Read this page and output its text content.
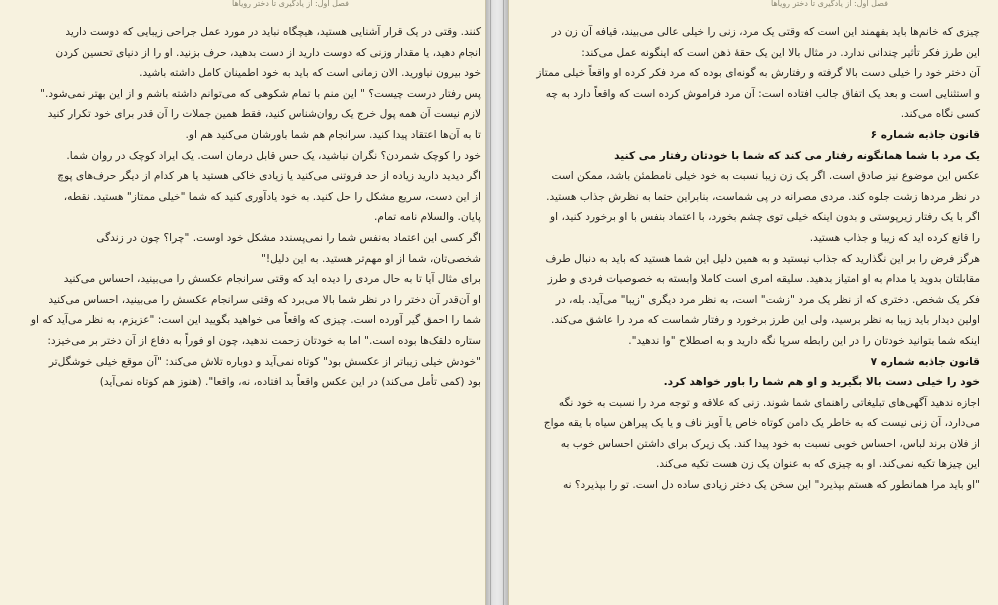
فصل اول: از یادگیری تا دختر رویاها
کنند. وقتی در یک قرار آشنایی هستید، هیچگاه نباید در مورد عمل جراحی زیبایی که دوست دارید
انجام دهید، یا مقدار وزنی که دوست دارید از دست بدهید، حرف بزنید. او را از دنیای تحسین کردن
خود بیرون نیاورید. الان زمانی است که باید به خود اطمینان کامل داشته باشید.
پس رفتار درست چیست؟ " این منم با تمام شکوهی که می‌توانم داشته باشم و از این بهتر نمی‌شود."
لازم نیست آن همه پول خرج یک روان‌شناس کنید، فقط همین جملات را آن قدر برای خود تکرار کنید
تا به آن‌ها اعتقاد پیدا کنید. سرانجام هم شما باورشان می‌کنید هم او.
خود را کوچک شمردن؟ نگران نباشید، یک حس قابل درمان است. یک ایراد کوچک در روان شما.
اگر دیدید دارید زیاده از حد فروتنی می‌کنید یا زیادی خاکی هستید یا هر کدام از دیگر حرف‌های پوچ
از این دست، سریع مشکل را حل کنید. به خود یادآوری کنید که شما "خیلی ممتاز" هستید. نقطه،
پایان. والسلام نامه تمام.
اگر کسی این اعتماد به‌نفس شما را نمی‌پسندد مشکل خود اوست. "چرا؟ چون در زندگی
شخصی‌تان، شما از او مهم‌تر هستید. به این دلیل!"
برای مثال آیا تا به حال مردی را دیده اید که وقتی سرانجام عکسش را می‌بینید، احساس می‌کنید
او آن‌قدر آن دختر را در نظر شما بالا می‌برد که وقتی سرانجام عکسش را می‌بینید، احساس می‌کنید
شما را احمق گیر آورده است. چیزی که واقعاً می خواهید بگویید این است: "عزیزم، به نظر می‌آید که او
ستاره دلقک‌ها بوده است." اما به خودتان زحمت ندهید، چون او فوراً به دفاع از آن دختر بر می‌خیزد:
"خودش خیلی زیباتر از عکسش بود" کوتاه نمی‌آید و دوباره تلاش می‌کند: "آن موقع خیلی خوشگل‌تر
بود (کمی تأمل می‌کند) در این عکس واقعاً بد افتاده، نه، واقعا". (هنوز هم کوتاه نمی‌آید)
فصل اول: از یادگیری تا دختر رویاها
چیزی که خانم‌ها باید بفهمند این است که وقتی یک مرد، زنی را خیلی عالی می‌بیند، قیافه آن زن در
این طرز فکر تأثیر چندانی ندارد. در مثال بالا این یک حقهٔ ذهن است که اینگونه عمل می‌کند:
آن دختر خود را خیلی دست بالا گرفته و رفتارش به گونه‌ای بوده که مرد فکر کرده او واقعاً خیلی ممتاز
و استثنایی است و بعد یک اتفاق جالب افتاده است: آن مرد فراموش کرده است که واقعاً دارد به چه
کسی نگاه می‌کند.
قانون جاذبه شماره ۶
یک مرد با شما همانگونه رفتار می کند که شما با خودتان رفتار می کنید
عکس این موضوع نیز صادق است. اگر یک زن زیبا نسبت به خود خیلی نامطمئن باشد، ممکن است
در نظر مردها زشت جلوه کند. مردی مصرانه در پی شماست، بنابراین حتما به نظرش جذاب هستید.
اگر با یک رفتار زیرپوستی و بدون اینکه خیلی توی چشم بخورد، با اعتماد بنفس با او برخورد کنید، او
را قانع کرده اید که زیبا و جذاب هستید.
هرگز فرض را بر این نگذارید که جذاب نیستید و به همین دلیل این شما هستید که باید به دنبال طرف
مقابلتان بدوید یا مدام به او امتیاز بدهید. سلیقه امری است کاملا وابسته به خصوصیات فردی و طرز
فکر یک شخص. دختری که از نظر یک مرد "زشت" است، به نظر مرد دیگری "زیبا" می‌آید. بله، در
اولین دیدار باید زیبا به نظر برسید، ولی این طرز برخورد و رفتار شماست که مرد را عاشق می‌کند.
اینکه شما بتوانید خودتان را در این رابطه سرپا نگه دارید و به اصطلاح "وا ندهید".
قانون جاذبه شماره ۷
خود را خیلی دست بالا بگیرید و او هم شما را باور خواهد کرد.
اجازه ندهید آگهی‌های تبلیغاتی راهنمای شما شوند. زنی که علاقه و توجه مرد را نسبت به خود نگه
می‌دارد، آن زنی نیست که به خاطر یک دامن کوتاه خاص یا آویز ناف و یا یک پیراهن سیاه با یقه مواج
از فلان برند لباس، احساس خوبی نسبت به خود پیدا کند. یک زیرک برای داشتن احساس خوب به
این چیزها تکیه نمی‌کند. او به چیزی که به عنوان یک زن هست تکیه می‌کند.
"او باید مرا همانطور که هستم بپذیرد" این سخن یک دختر زیادی ساده دل است. تو را بپذیرد؟ نه
